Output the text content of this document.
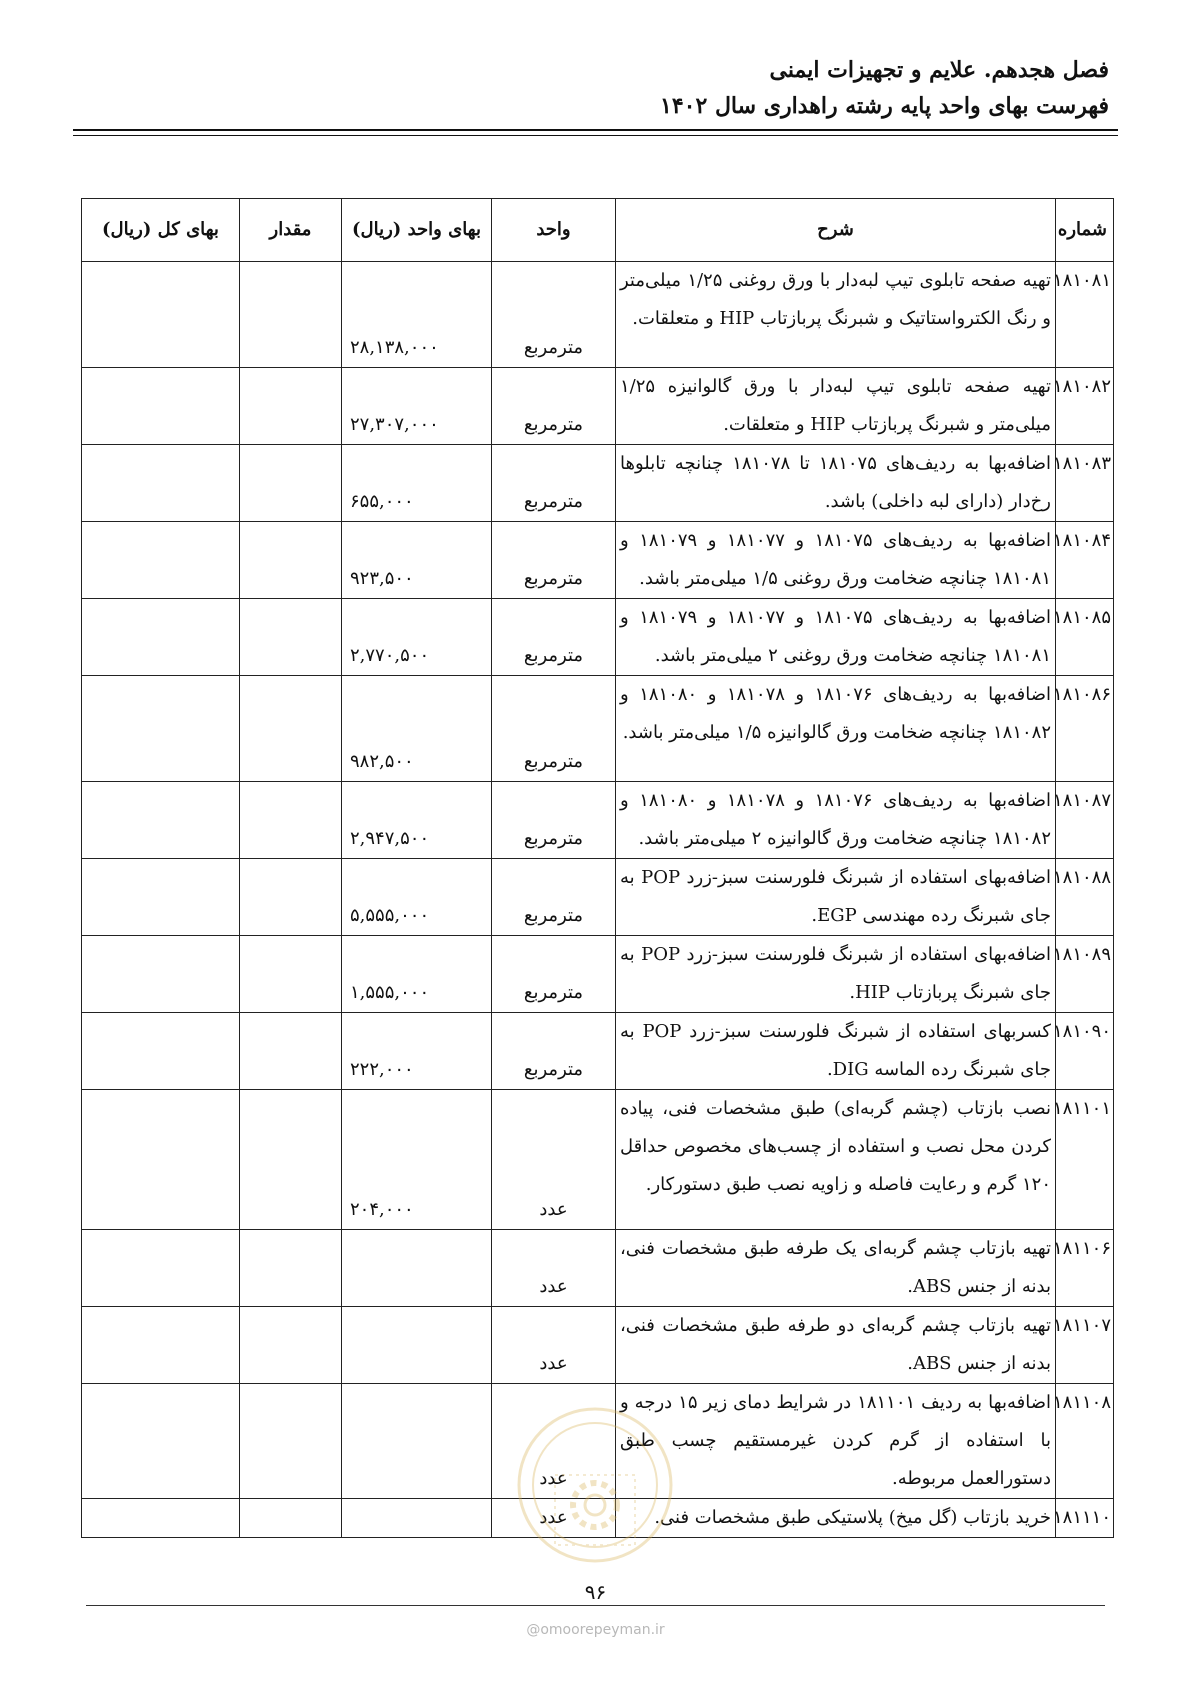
فصل هجدهم. علایم و تجهیزات ایمنی
فهرست بهای واحد پایه رشته راهداری سال ۱۴۰۲
شماره	شرح	واحد	بهای واحد (ریال)	مقدار	بهای کل (ریال)
۱۸۱۰۸۱	تهیه صفحه تابلوی تیپ لبه‌دار با ورق روغنی ۱/۲۵ میلی‌متر و رنگ الکترواستاتیک و شبرنگ پربازتاب HIP و متعلقات.	مترمربع	۲۸,۱۳۸,۰۰۰		
۱۸۱۰۸۲	تهیه صفحه تابلوی تیپ لبه‌دار با ورق گالوانیزه ۱/۲۵ میلی‌متر و شبرنگ پربازتاب HIP و متعلقات.	مترمربع	۲۷,۳۰۷,۰۰۰		
۱۸۱۰۸۳	اضافه‌بها به ردیف‌های ۱۸۱۰۷۵ تا ۱۸۱۰۷۸ چنانچه تابلوها رخ‌دار (دارای لبه داخلی) باشد.	مترمربع	۶۵۵,۰۰۰		
۱۸۱۰۸۴	اضافه‌بها به ردیف‌های ۱۸۱۰۷۵ و ۱۸۱۰۷۷ و ۱۸۱۰۷۹ و ۱۸۱۰۸۱ چنانچه ضخامت ورق روغنی ۱/۵ میلی‌متر باشد.	مترمربع	۹۲۳,۵۰۰		
۱۸۱۰۸۵	اضافه‌بها به ردیف‌های ۱۸۱۰۷۵ و ۱۸۱۰۷۷ و ۱۸۱۰۷۹ و ۱۸۱۰۸۱ چنانچه ضخامت ورق روغنی ۲ میلی‌متر باشد.	مترمربع	۲,۷۷۰,۵۰۰		
۱۸۱۰۸۶	اضافه‌بها به ردیف‌های ۱۸۱۰۷۶ و ۱۸۱۰۷۸ و ۱۸۱۰۸۰ و ۱۸۱۰۸۲ چنانچه ضخامت ورق گالوانیزه ۱/۵ میلی‌متر باشد.	مترمربع	۹۸۲,۵۰۰		
۱۸۱۰۸۷	اضافه‌بها به ردیف‌های ۱۸۱۰۷۶ و ۱۸۱۰۷۸ و ۱۸۱۰۸۰ و ۱۸۱۰۸۲ چنانچه ضخامت ورق گالوانیزه ۲ میلی‌متر باشد.	مترمربع	۲,۹۴۷,۵۰۰		
۱۸۱۰۸۸	اضافه‌بهای استفاده از شبرنگ فلورسنت سبز-زرد POP به جای شبرنگ رده مهندسی EGP.	مترمربع	۵,۵۵۵,۰۰۰		
۱۸۱۰۸۹	اضافه‌بهای استفاده از شبرنگ فلورسنت سبز-زرد POP به جای شبرنگ پربازتاب HIP.	مترمربع	۱,۵۵۵,۰۰۰		
۱۸۱۰۹۰	کسربهای استفاده از شبرنگ فلورسنت سبز-زرد POP به جای شبرنگ رده الماسه DIG.	مترمربع	۲۲۲,۰۰۰		
۱۸۱۱۰۱	نصب بازتاب (چشم گربه‌ای) طبق مشخصات فنی، پیاده کردن محل نصب و استفاده از چسب‌های مخصوص حداقل ۱۲۰ گرم و رعایت فاصله و زاویه نصب طبق دستورکار.	عدد	۲۰۴,۰۰۰		
۱۸۱۱۰۶	تهیه بازتاب چشم گربه‌ای یک طرفه طبق مشخصات فنی، بدنه از جنس ABS.	عدد			
۱۸۱۱۰۷	تهیه بازتاب چشم گربه‌ای دو طرفه طبق مشخصات فنی، بدنه از جنس ABS.	عدد			
۱۸۱۱۰۸	اضافه‌بها به ردیف ۱۸۱۱۰۱ در شرایط دمای زیر ۱۵ درجه و با استفاده از گرم کردن غیرمستقیم چسب طبق دستورالعمل مربوطه.	عدد			
۱۸۱۱۱۰	خرید بازتاب (گل میخ) پلاستیکی طبق مشخصات فنی.	عدد			
۹۶
@omoorepeyman.ir
